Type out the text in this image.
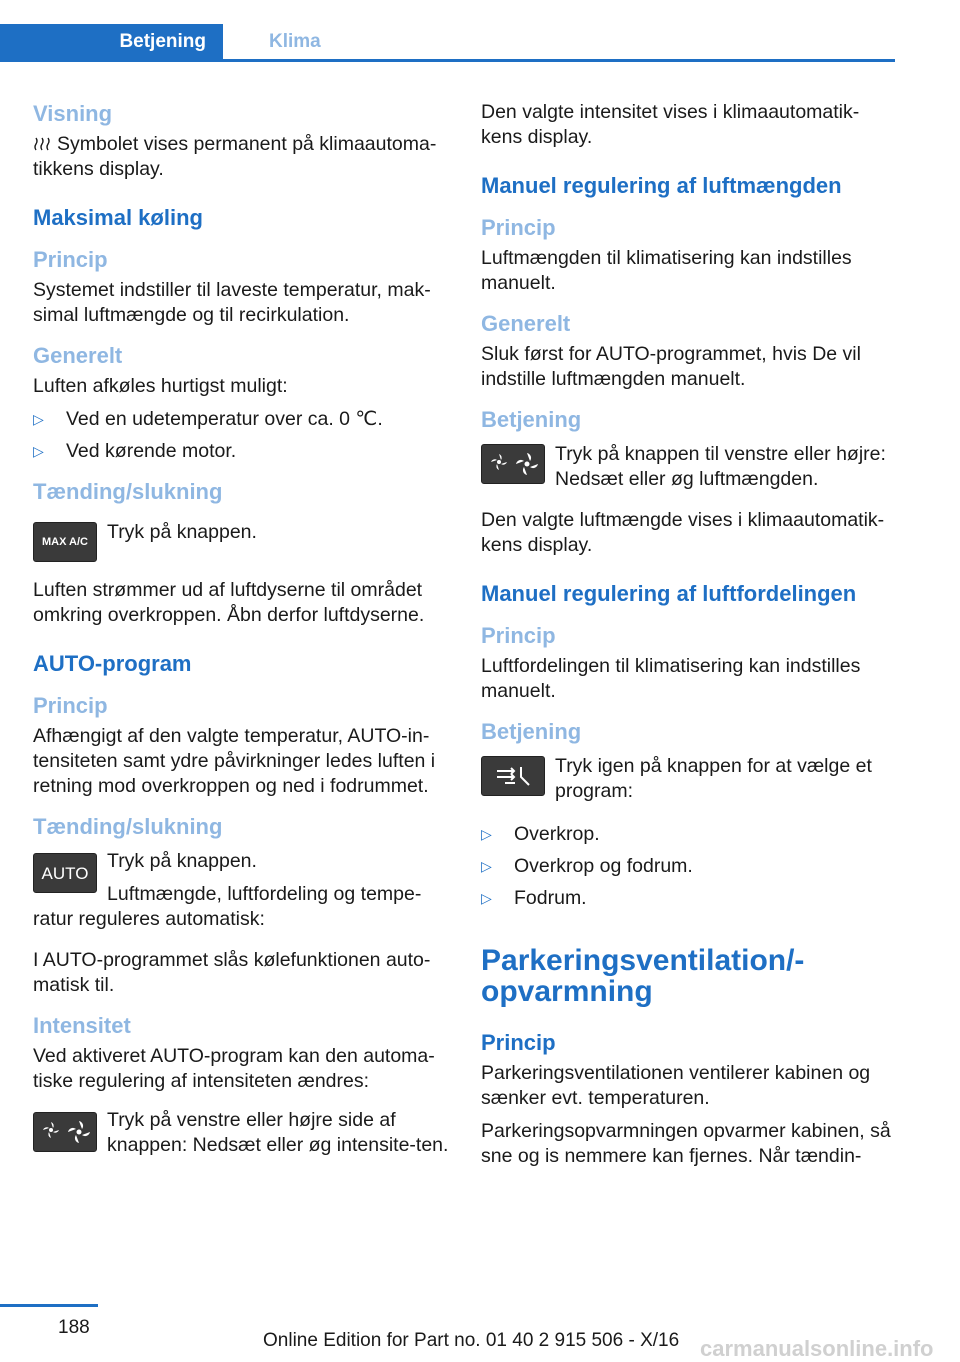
Betjening	Klima
Visning
Symbolet vises permanent på klimaautoma-tikkens display.
Maksimal køling
Princip
Systemet indstiller til laveste temperatur, mak-simal luftmængde og til recirkulation.
Generelt
Luften afkøles hurtigst muligt:
▷ Ved en udetemperatur over ca. 0 ℃.
▷ Ved kørende motor.
Tænding/slukning
MAX A/C Tryk på knappen.
Luften strømmer ud af luftdyserne til området omkring overkroppen. Åbn derfor luftdyserne.
AUTO-program
Princip
Afhængigt af den valgte temperatur, AUTO-in-tensiteten samt ydre påvirkninger ledes luften i retning mod overkroppen og ned i fodrummet.
Tænding/slukning
AUTO
Tryk på knappen.
Luftmængde, luftfordeling og tempe-ratur reguleres automatisk:
I AUTO-programmet slås kølefunktionen auto-matisk til.
Intensitet
Ved aktiveret AUTO-program kan den automa-tiske regulering af intensiteten ændres:
Tryk på venstre eller højre side af knappen: Nedsæt eller øg intensite-ten.
Den valgte intensitet vises i klimaautomatik-kens display.
Manuel regulering af luftmængden
Princip
Luftmængden til klimatisering kan indstilles manuelt.
Generelt
Sluk først for AUTO-programmet, hvis De vil indstille luftmængden manuelt.
Betjening
Tryk på knappen til venstre eller højre: Nedsæt eller øg luftmængden.
Den valgte luftmængde vises i klimaautomatik-kens display.
Manuel regulering af luftfordelingen
Princip
Luftfordelingen til klimatisering kan indstilles manuelt.
Betjening
Tryk igen på knappen for at vælge et program:
▷ Overkrop.
▷ Overkrop og fodrum.
▷ Fodrum.
Parkeringsventilation/-opvarmning
Princip
Parkeringsventilationen ventilerer kabinen og sænker evt. temperaturen.
Parkeringsopvarmningen opvarmer kabinen, så sne og is nemmere kan fjernes. Når tændin-
188
Online Edition for Part no. 01 40 2 915 506 - X/16 carmanualsonline.info
